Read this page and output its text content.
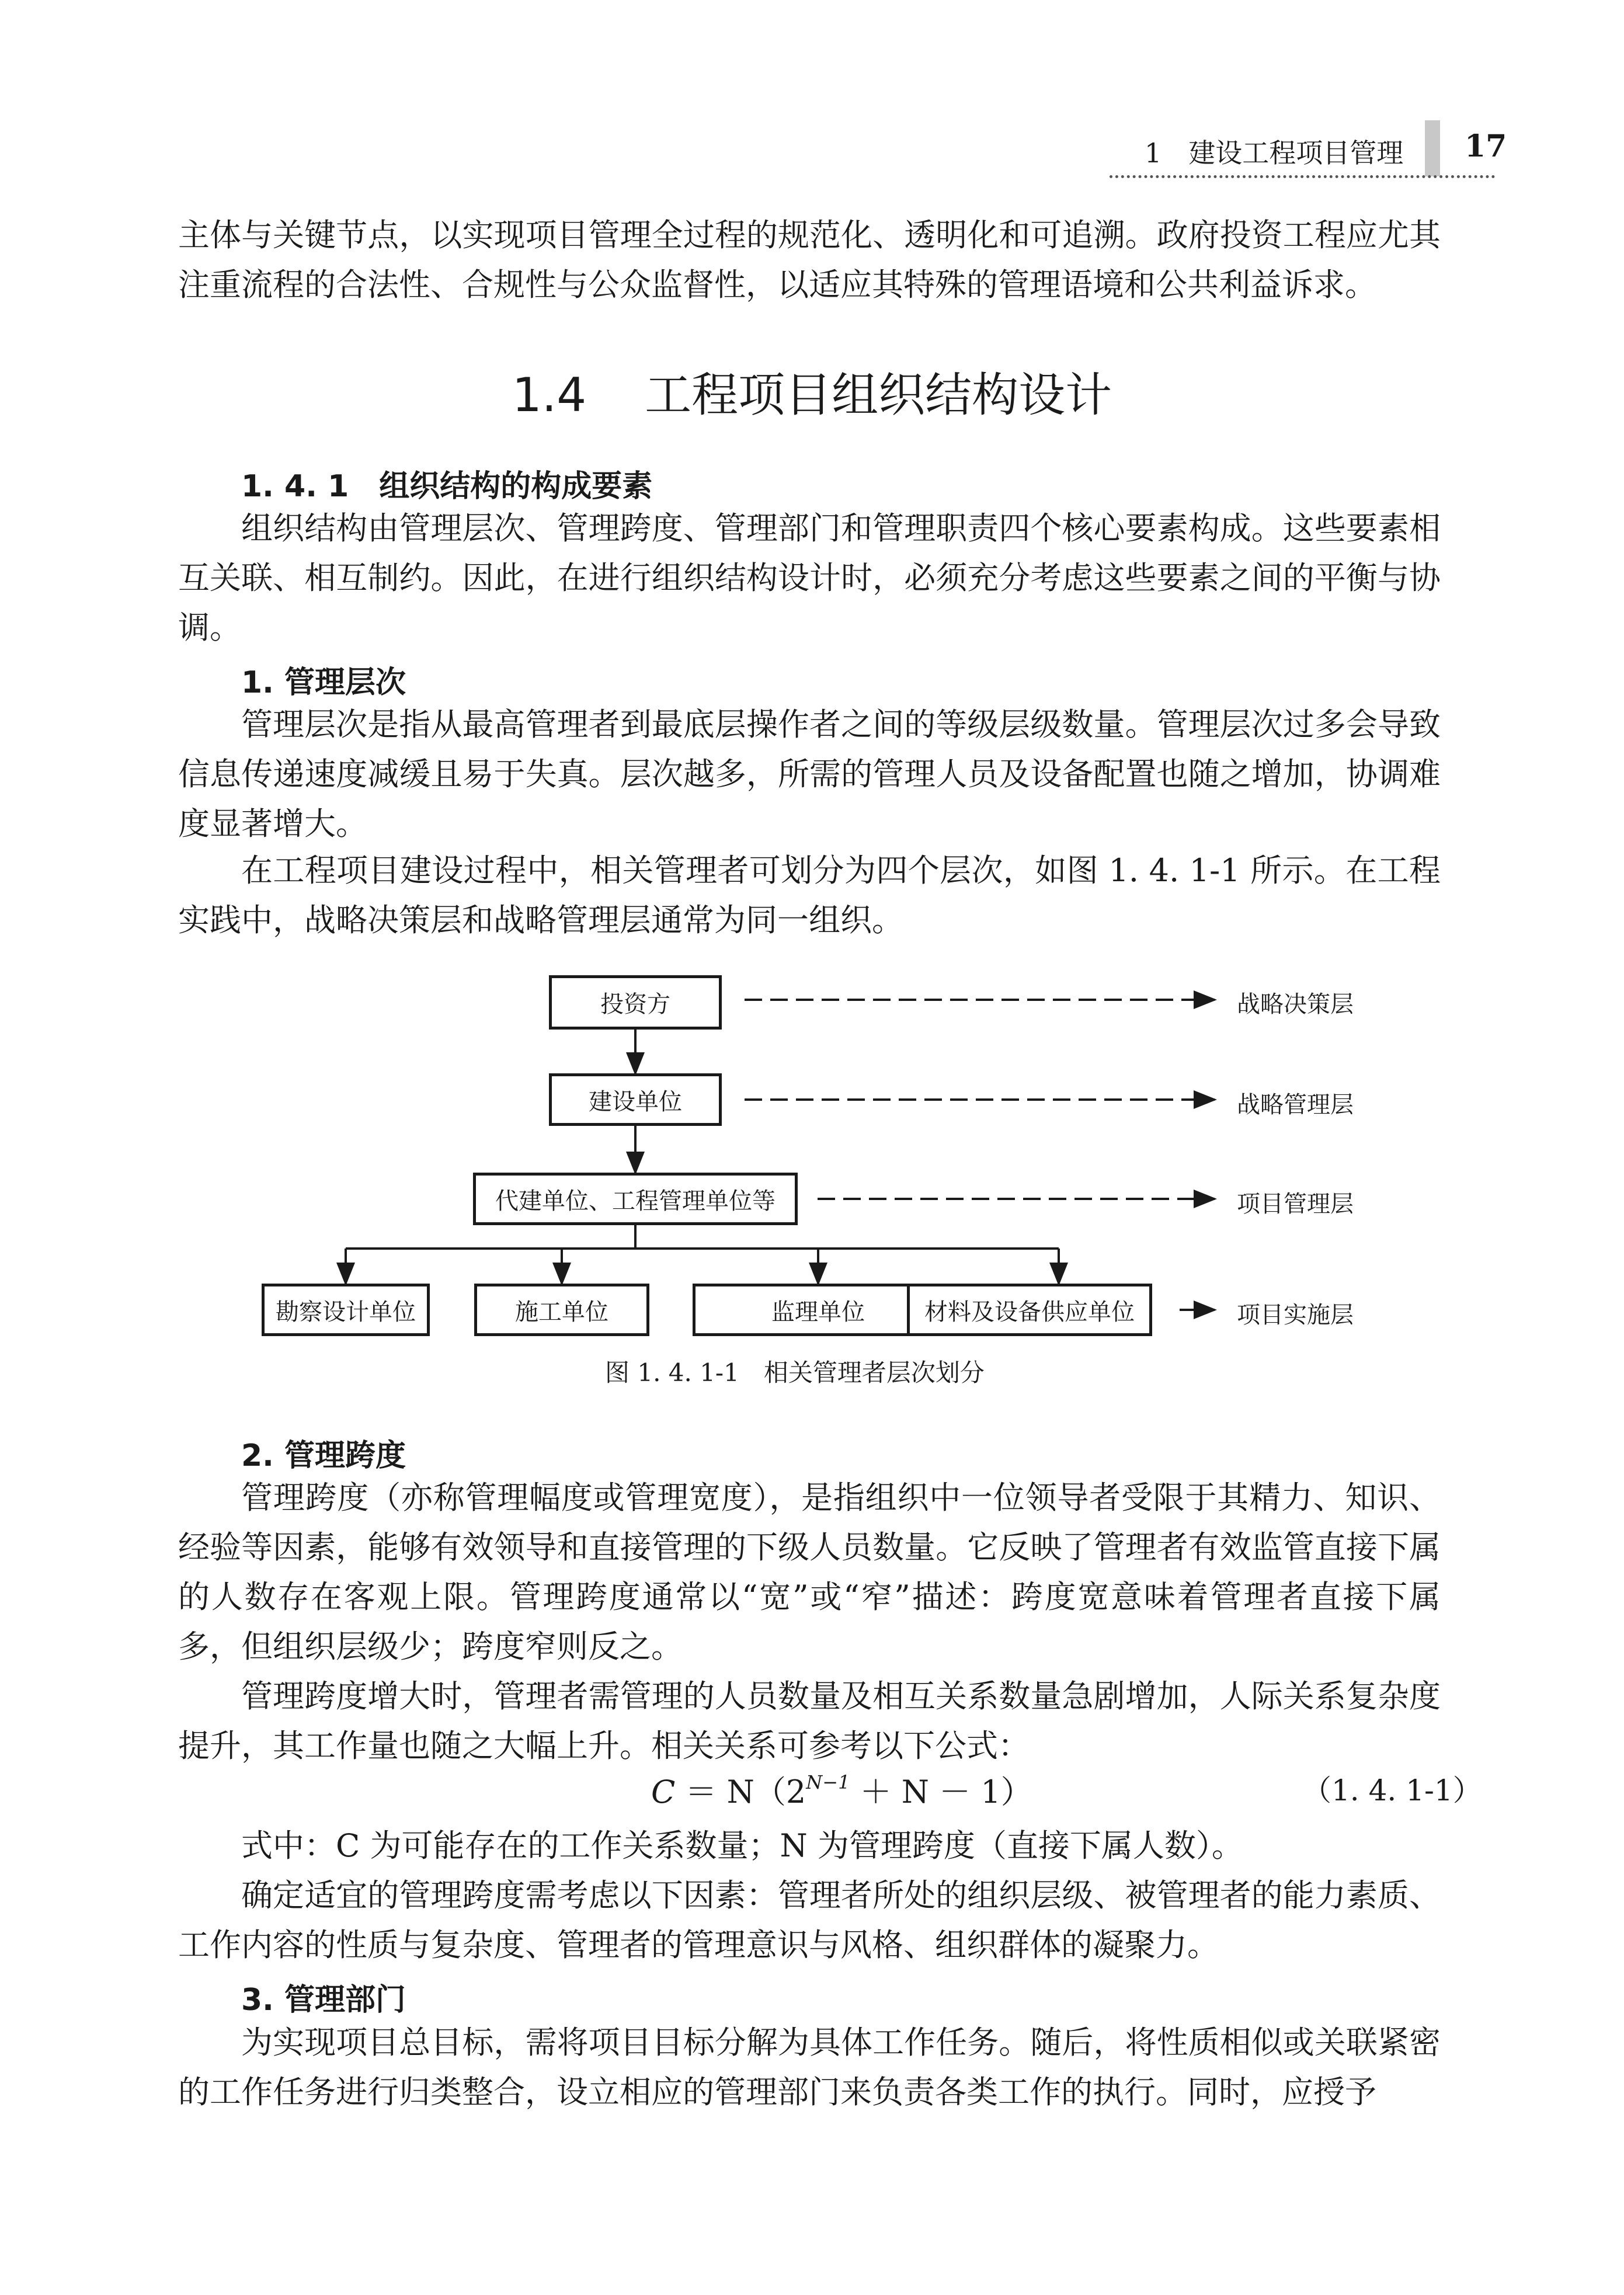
1　建设工程项目管理 17
主体与关键节点，以实现项目管理全过程的规范化、透明化和可追溯。政府投资工程应尤其注重流程的合法性、合规性与公众监督性，以适应其特殊的管理语境和公共利益诉求。
1.4 工程项目组织结构设计
1. 4. 1　组织结构的构成要素
组织结构由管理层次、管理跨度、管理部门和管理职责四个核心要素构成。这些要素相互关联、相互制约。因此，在进行组织结构设计时，必须充分考虑这些要素之间的平衡与协调。
1. 管理层次
管理层次是指从最高管理者到最底层操作者之间的等级层级数量。管理层次过多会导致信息传递速度减缓且易于失真。层次越多，所需的管理人员及设备配置也随之增加，协调难度显著增大。
在工程项目建设过程中，相关管理者可划分为四个层次，如图 1. 4. 1-1 所示。在工程实践中，战略决策层和战略管理层通常为同一组织。
投资方
建设单位
代建单位、工程管理单位等
勘察设计单位	施工单位	监理单位	材料及设备供应单位
战略决策层
战略管理层
项目管理层
项目实施层
图 1. 4. 1-1　相关管理者层次划分
2. 管理跨度
管理跨度（亦称管理幅度或管理宽度），是指组织中一位领导者受限于其精力、知识、经验等因素，能够有效领导和直接管理的下级人员数量。它反映了管理者有效监管直接下属的人数存在客观上限。管理跨度通常以“宽”或“窄”描述：跨度宽意味着管理者直接下属多，但组织层级少；跨度窄则反之。
管理跨度增大时，管理者需管理的人员数量及相互关系数量急剧增加，人际关系复杂度提升，其工作量也随之大幅上升。相关关系可参考以下公式：
$C = N(2^{N-1} + N - 1)$	（1. 4. 1-1）
式中：C 为可能存在的工作关系数量；N 为管理跨度（直接下属人数）。
确定适宜的管理跨度需考虑以下因素：管理者所处的组织层级、被管理者的能力素质、工作内容的性质与复杂度、管理者的管理意识与风格、组织群体的凝聚力。
3. 管理部门
为实现项目总目标，需将项目目标分解为具体工作任务。随后，将性质相似或关联紧密的工作任务进行归类整合，设立相应的管理部门来负责各类工作的执行。同时，应授予
